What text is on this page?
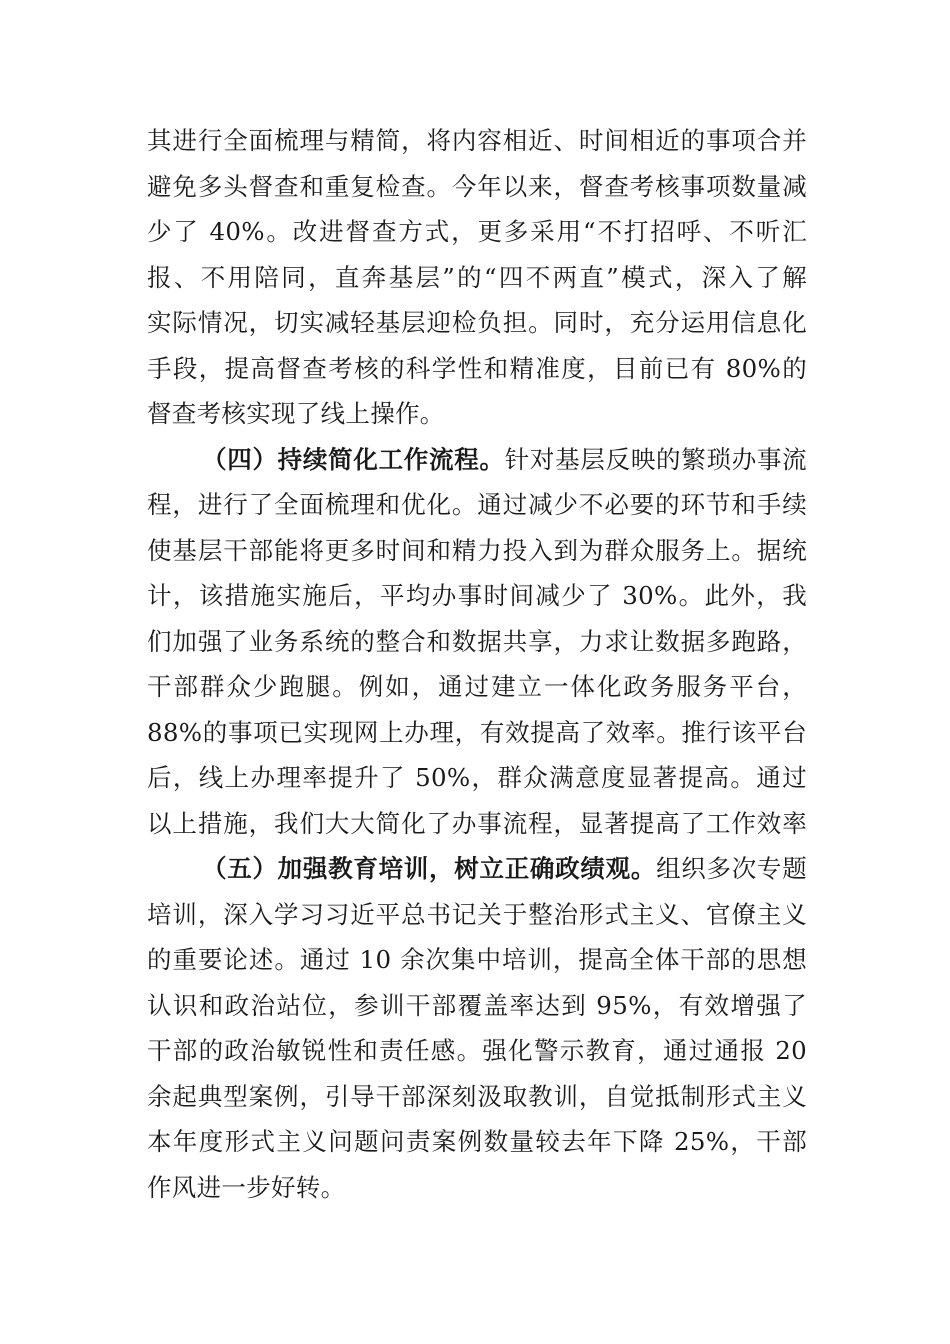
其进行全面梳理与精简，将内容相近、时间相近的事项合并
避免多头督查和重复检查。今年以来，督查考核事项数量减
少了 40%。改进督查方式，更多采用“不打招呼、不听汇
报、不用陪同，直奔基层”的“四不两直”模式，深入了解
实际情况，切实减轻基层迎检负担。同时，充分运用信息化
手段，提高督查考核的科学性和精准度，目前已有 80%的
督查考核实现了线上操作。
（四）持续简化工作流程。针对基层反映的繁琐办事流
程，进行了全面梳理和优化。通过减少不必要的环节和手续
使基层干部能将更多时间和精力投入到为群众服务上。据统
计，该措施实施后，平均办事时间减少了 30%。此外，我
们加强了业务系统的整合和数据共享，力求让数据多跑路，
干部群众少跑腿。例如，通过建立一体化政务服务平台，
88%的事项已实现网上办理，有效提高了效率。推行该平台
后，线上办理率提升了 50%，群众满意度显著提高。通过
以上措施，我们大大简化了办事流程，显著提高了工作效率
（五）加强教育培训，树立正确政绩观。组织多次专题
培训，深入学习习近平总书记关于整治形式主义、官僚主义
的重要论述。通过 10 余次集中培训，提高全体干部的思想
认识和政治站位，参训干部覆盖率达到 95%，有效增强了
干部的政治敏锐性和责任感。强化警示教育，通过通报 20
余起典型案例，引导干部深刻汲取教训，自觉抵制形式主义
本年度形式主义问题问责案例数量较去年下降 25%，干部
作风进一步好转。
